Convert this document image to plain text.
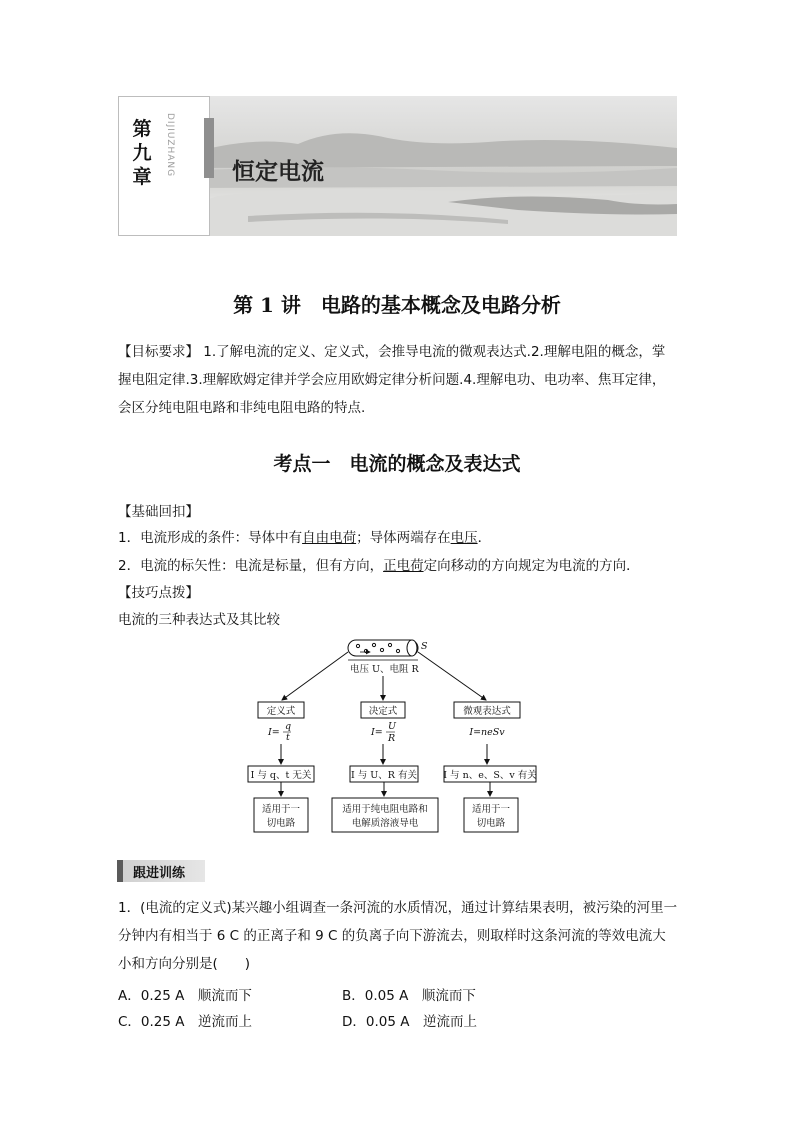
第九章	DIJIUZHANG 恒定电流
第 1 讲　电路的基本概念及电路分析
【目标要求】 1.了解电流的定义、定义式，会推导电流的微观表达式.2.理解电阻的概念，掌握电阻定律.3.理解欧姆定律并学会应用欧姆定律分析问题.4.理解电功、电功率、焦耳定律，会区分纯电阻电路和非纯电阻电路的特点.
考点一　电流的概念及表达式
【基础回扣】
1．电流形成的条件：导体中有自由电荷；导体两端存在电压．
2．电流的标矢性：电流是标量，但有方向，正电荷定向移动的方向规定为电流的方向．
【技巧点拨】
电流的三种表达式及其比较
S
电压 U、电阻 R
定义式	决定式	微观表达式
I=
q
t	I=
U
R
I=neSv
I 与 q、t 无关	I 与 U、R 有关	I 与 n、e、S、v 有关
适用于一
切电路
适用于纯电阻电路和
电解质溶液导电
适用于一
切电路
跟进训练
1．(电流的定义式)某兴趣小组调查一条河流的水质情况，通过计算结果表明，被污染的河里一分钟内有相当于 6 C 的正离子和 9 C 的负离子向下游流去，则取样时这条河流的等效电流大小和方向分别是(　　)
A．0.25 A　顺流而下	B．0.05 A　顺流而下
C．0.25 A　逆流而上	D．0.05 A　逆流而上
